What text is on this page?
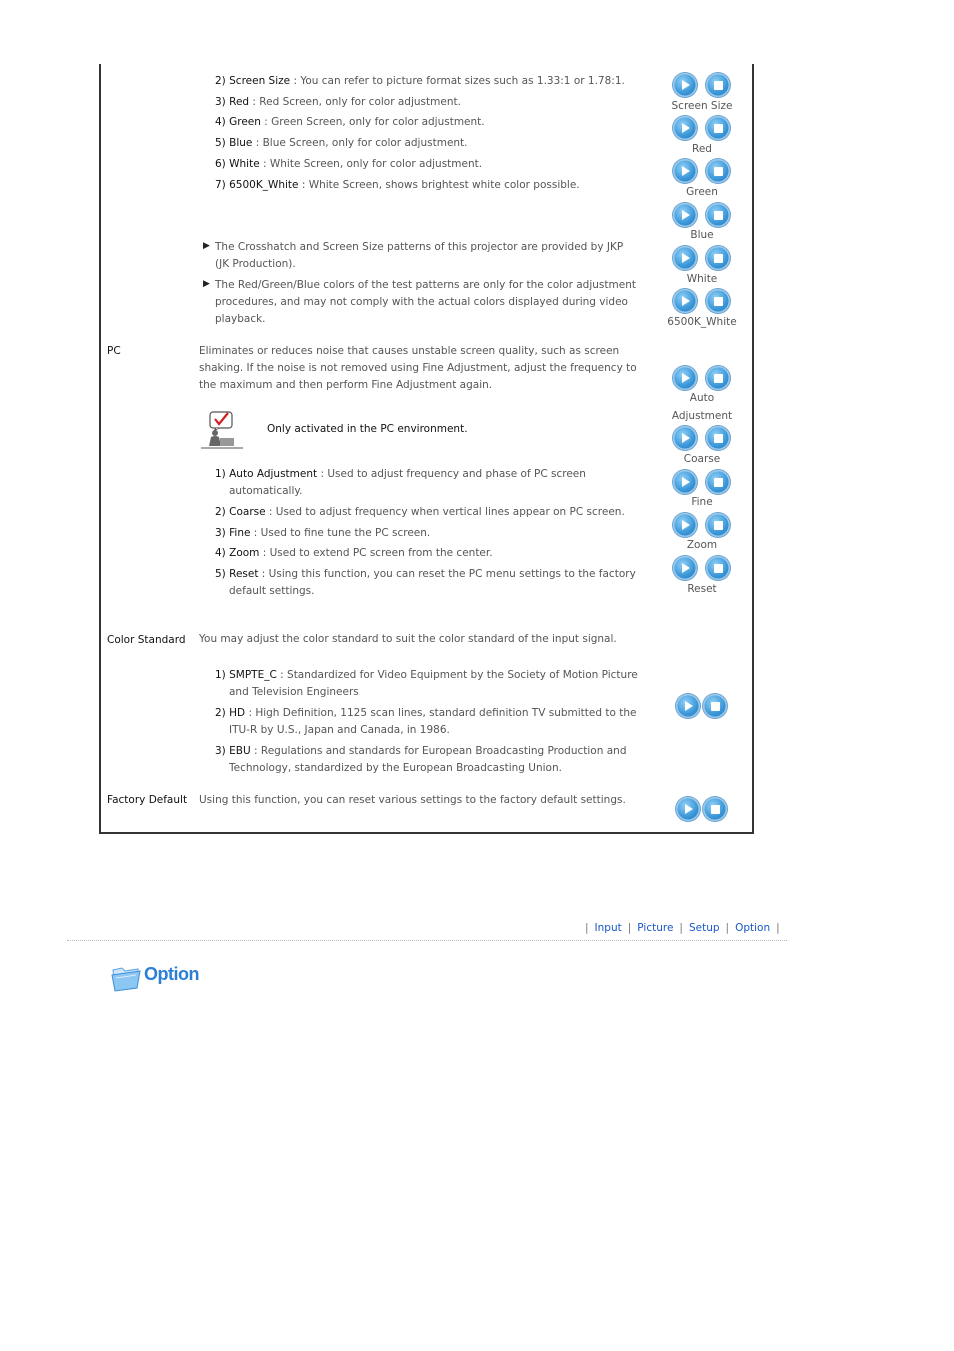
2) Screen Size : You can refer to picture format sizes such as 1.33:1 or 1.78:1.
3) Red : Red Screen, only for color adjustment.
4) Green : Green Screen, only for color adjustment.
5) Blue : Blue Screen, only for color adjustment.
6) White : White Screen, only for color adjustment.
7) 6500K_White : White Screen, shows brightest white color possible.
▶ The Crosshatch and Screen Size patterns of this projector are provided by JKP (JK Production).
▶ The Red/Green/Blue colors of the test patterns are only for the color adjustment procedures, and may not comply with the actual colors displayed during video playback.
Screen Size
Red
Green
Blue
White
6500K_White
PC	Eliminates or reduces noise that causes unstable screen quality, such as screen shaking. If the noise is not removed using Fine Adjustment, adjust the frequency to the maximum and then perform Fine Adjustment again.
Only activated in the PC environment.
1) Auto Adjustment : Used to adjust frequency and phase of PC screen
automatically.
2) Coarse : Used to adjust frequency when vertical lines appear on PC screen.
3) Fine : Used to fine tune the PC screen.
4) Zoom : Used to extend PC screen from the center.
5) Reset : Using this function, you can reset the PC menu settings to the factory
default settings.
Auto
Adjustment
Coarse
Fine
Zoom
Reset
Color Standard You may adjust the color standard to suit the color standard of the input signal.
1) SMPTE_C : Standardized for Video Equipment by the Society of Motion Picture
and Television Engineers
2) HD : High Definition, 1125 scan lines, standard definition TV submitted to the
ITU-R by U.S., Japan and Canada, in 1986.
3) EBU : Regulations and standards for European Broadcasting Production and
Technology, standardized by the European Broadcasting Union.
Factory Default Using this function, you can reset various settings to the factory default settings.
| Input | Picture | Setup | Option |
Option
